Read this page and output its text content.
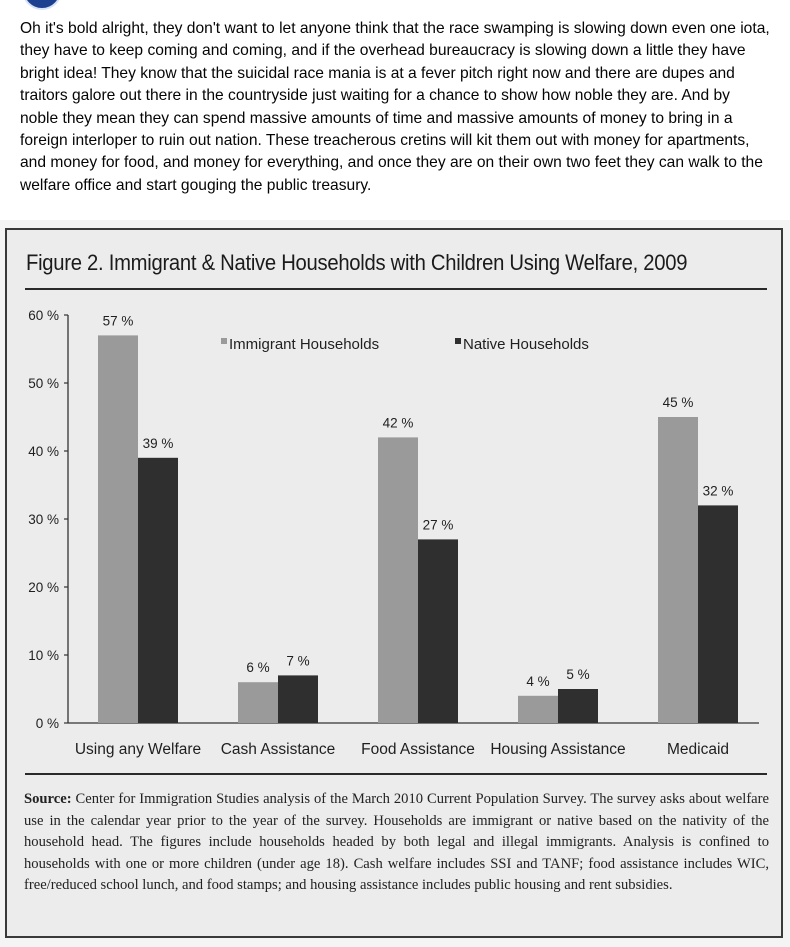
Oh it's bold alright, they don't want to let anyone think that the race swamping is slowing down even one iota, they have to keep coming and coming, and if the overhead bureaucracy is slowing down a little they have bright idea! They know that the suicidal race mania is at a fever pitch right now and there are dupes and traitors galore out there in the countryside just waiting for a chance to show how noble they are. And by noble they mean they can spend massive amounts of time and massive amounts of money to bring in a foreign interloper to ruin out nation. These treacherous cretins will kit them out with money for apartments, and money for food, and money for everything, and once they are on their own two feet they can walk to the welfare office and start gouging the public treasury.
Figure 2. Immigrant & Native Households with Children Using Welfare, 2009
0 %
10 %
20 %
30 %
40 %
50 %
60 %	57 %
39 %
Using any Welfare
6 % 7 %
Cash Assistance
42 %
27 %
Food Assistance
4 % 5 %
Housing Assistance
45 %
32 %
Medicaid
Immigrant Households	Native Households
Source: Center for Immigration Studies analysis of the March 2010 Current Population Survey. The survey asks about welfare use in the calendar year prior to the year of the survey. Households are immigrant or native based on the nativity of the household head. The figures include households headed by both legal and illegal immigrants. Analysis is confined to households with one or more children (under age 18). Cash welfare includes SSI and TANF; food assistance includes WIC, free/reduced school lunch, and food stamps; and housing assistance includes public housing and rent subsidies.
